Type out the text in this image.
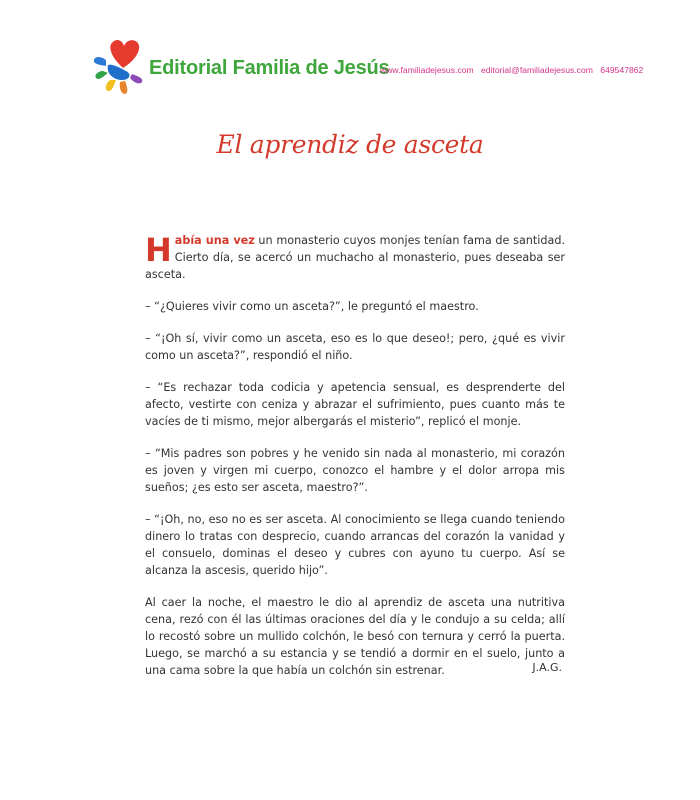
Editorial Familia de Jesús
www.familiadejesus.com editorial@familiadejesus.com 649547862
El aprendiz de asceta

Había una vez un monasterio cuyos monjes tenían fama de santidad. Cierto día, se acercó un muchacho al monasterio, pues deseaba ser asceta.

– “¿Quieres vivir como un asceta?”, le preguntó el maestro.

– “¡Oh sí, vivir como un asceta, eso es lo que deseo!; pero, ¿qué es vivir como un asceta?”, respondió el niño.

– “Es rechazar toda codicia y apetencia sensual, es desprenderte del afecto, vestirte con ceniza y abrazar el sufrimiento, pues cuanto más te vacíes de ti mismo, mejor albergarás el misterio”, replicó el monje.

– “Mis padres son pobres y he venido sin nada al monasterio, mi corazón es joven y virgen mi cuerpo, conozco el hambre y el dolor arropa mis sueños; ¿es esto ser asceta, maestro?”.

– “¡Oh, no, eso no es ser asceta. Al conocimiento se llega cuando teniendo dinero lo tratas con desprecio, cuando arrancas del corazón la vanidad y el consuelo, dominas el deseo y cubres con ayuno tu cuerpo. Así se alcanza la ascesis, querido hijo”.

Al caer la noche, el maestro le dio al aprendiz de asceta una nutritiva cena, rezó con él las últimas oraciones del día y le condujo a su celda; allí lo recostó sobre un mullido colchón, le besó con ternura y cerró la puerta. Luego, se marchó a su estancia y se tendió a dormir en el suelo, junto a una cama sobre la que había un colchón sin estrenar.	J.A.G.
